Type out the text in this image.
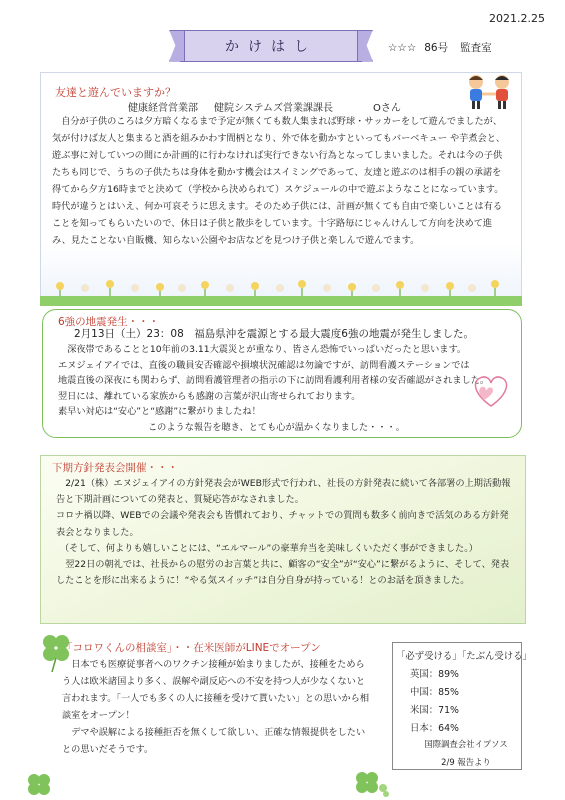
2021.2.25
かけはし	☆☆☆ 86号 監査室
友達と遊んでいますか？
健康経営営業部 健院システムズ営業課課長	Oさん
自分が子供のころは夕方暗くなるまで予定が無くても数人集まれば野球・サッカーをして遊んでましたが、気が付けば友人と集まると酒を組みかわす間柄となり、外で体を動かすといってもバーベキュー や芋煮会と、遊ぶ事に対していつの間にか計画的に行わなければ実行できない行為となってしまいました。それは今の子供たちも同じで、うちの子供たちは身体を動かす機会はスイミングであって、友達と遊ぶのは相手の親の承諾を得てから夕方16時までと決めて（学校から決められて）スケジュールの中で遊ぶようなことになっています。時代が違うとはいえ、何か可哀そうに思えます。そのため子供には、計画が無くても自由で楽しいことは有ることを知ってもらいたいので、休日は子供と散歩をしています。十字路毎にじゃんけんして方向を決めて進み、見たことない自販機、知らない公園やお店などを見つけ子供と楽しんで遊んでます。
6強の地震発生・・・
2月13日（土）23：08　福島県沖を震源とする最大震度6強の地震が発生しました。

深夜帯であることと10年前の3.11大震災とが重なり、皆さん恐怖でいっぱいだったと思います。

エヌジェイアイでは、直後の職員安否確認や損壊状況確認は勿論ですが、訪問看護ステーションでは

地震直後の深夜にも関わらず、訪問看護管理者の指示の下に訪問看護利用者様の安否確認がされました。

翌日には、離れている家族からも感謝の言葉が沢山寄せられております。

素早い対応は“安心”と“感謝”に繋がりましたね！

このような報告を聴き、とても心が温かくなりました・・・。

下期方針発表会開催・・・

2/21（株）エヌジェイアイの方針発表会がWEB形式で行われ、社長の方針発表に続いて各部署の上期活動報告と下期計画についての発表と、質疑応答がなされました。

コロナ禍以降、WEBでの会議や発表会も皆慣れており、チャットでの質問も数多く前向きで活気のある方針発表会となりました。

（そして、何よりも嬉しいことには、“エルマール”の豪華弁当を美味しくいただく事ができました。）

翌22日の朝礼では、社長からの慰労のお言葉と共に、顧客の“安全”が“安心”に繋がるように、そして、発表したことを形に出来るように！“やる気スイッチ”は自分自身が持っている！とのお話を頂きました。

「コロワくんの相談室」・・在米医師がLINEでオープン

日本でも医療従事者へのワクチン接種が始まりましたが、接種をためらう人は欧米諸国より多く、誤解や副反応への不安を持つ人が少なくないと言われます。「一人でも多くの人に接種を受けて貰いたい」との思いから相談室をオープン！

デマや誤解による接種拒否を無くして欲しい、正確な情報提供をしたいとの思いだそうです。

「必ず受ける」「たぶん受ける」
英国：89%
中国：85%
米国：71%
日本：64%
国際調査会社イプソス
2/9 報告より
